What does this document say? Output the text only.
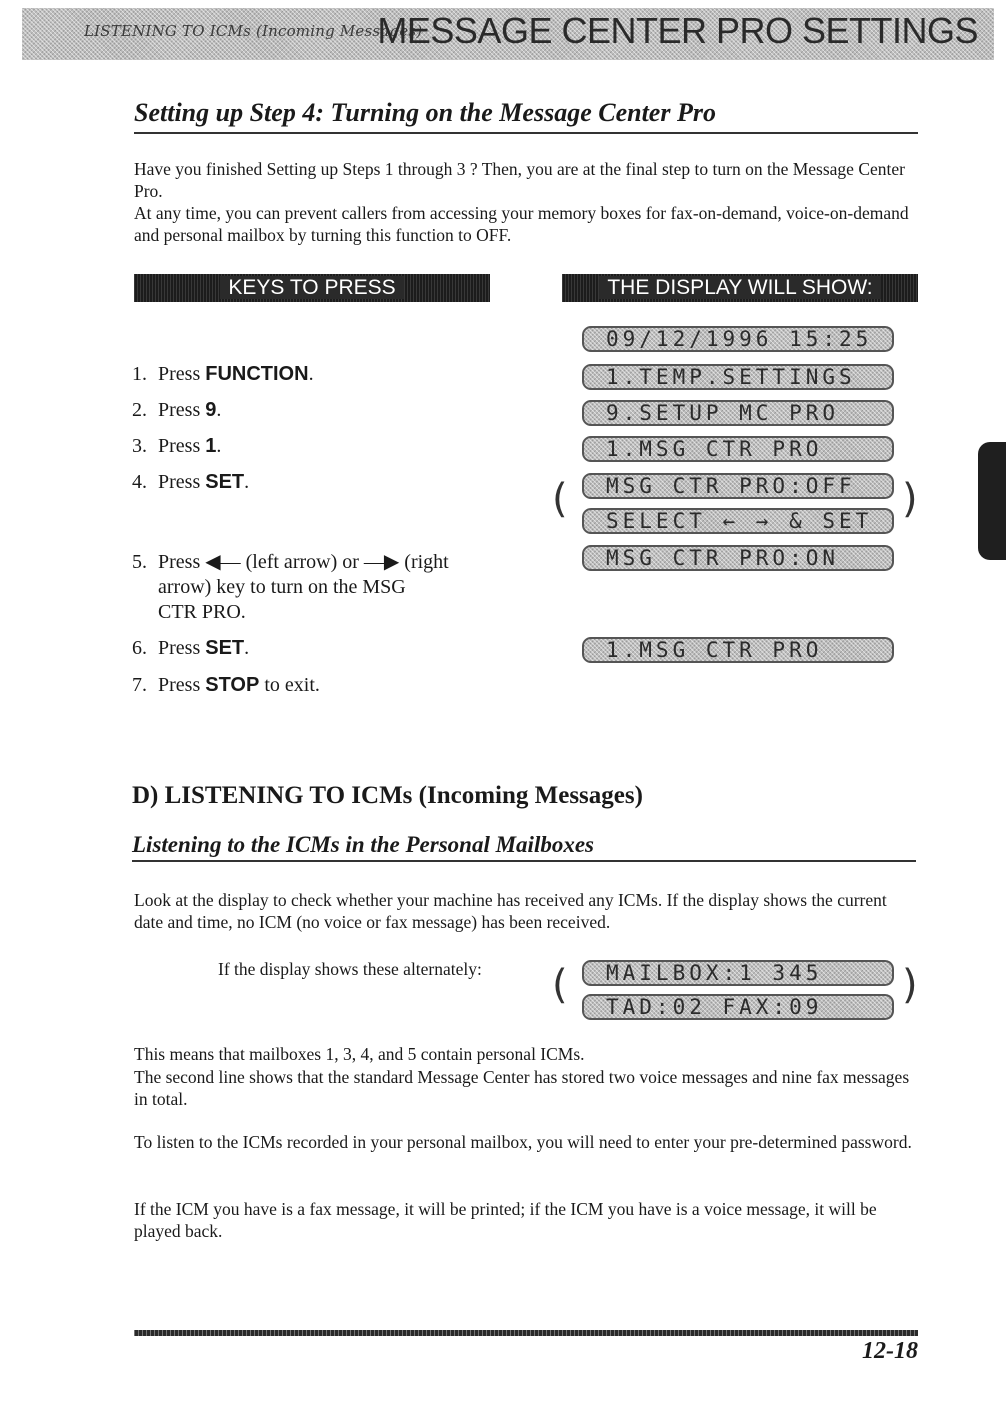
LISTENING TO ICMs (Incoming Messages)
MESSAGE CENTER PRO SETTINGS
Setting up Step 4: Turning on the Message Center Pro

Have you finished Setting up Steps 1 through 3 ? Then, you are at the final step to turn on the Message Center Pro.

At any time, you can prevent callers from accessing your memory boxes for fax-on-demand, voice-on-demand and personal mailbox by turning this function to OFF.

KEYS TO PRESS	THE DISPLAY WILL SHOW:
1. Press FUNCTION.
2. Press 9.
3. Press 1.
4. Press SET.
5. Press ◀— (left arrow) or —▶ (right
arrow) key to turn on the MSG
CTR PRO.
6. Press SET.
7. Press STOP to exit.
09/12/1996 15:25
1.TEMP.SETTINGS
9.SETUP MC PRO
1.MSG CTR PRO
MSG CTR PRO:OFF
SELECT ← → & SET
MSG CTR PRO:ON
1.MSG CTR PRO
(	)
D) LISTENING TO ICMs (Incoming Messages)
Listening to the ICMs in the Personal Mailboxes

Look at the display to check whether your machine has received any ICMs. If the display shows the current date and time, no ICM (no voice or fax message) has been received.

If the display shows these alternately:	MAILBOX:1 345
TAD:02 FAX:09
(	)

This means that mailboxes 1, 3, 4, and 5 contain personal ICMs.

The second line shows that the standard Message Center has stored two voice messages and nine fax messages in total.

To listen to the ICMs recorded in your personal mailbox, you will need to enter your pre-determined password.

If the ICM you have is a fax message, it will be printed; if the ICM you have is a voice message, it will be played back.

12-18
